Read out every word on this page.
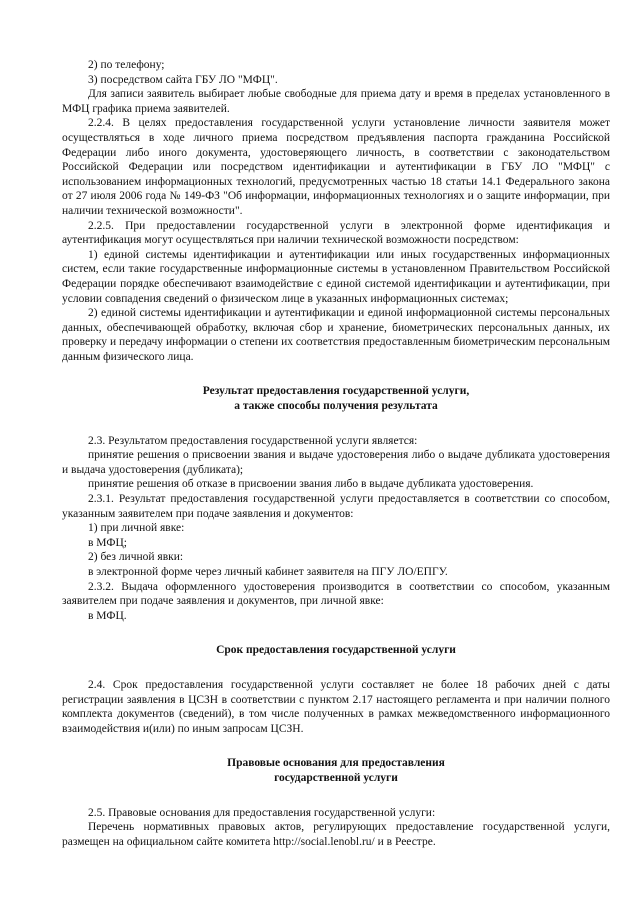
2) по телефону;

3) посредством сайта ГБУ ЛО "МФЦ".

Для записи заявитель выбирает любые свободные для приема дату и время в пределах установленного в МФЦ графика приема заявителей.

2.2.4. В целях предоставления государственной услуги установление личности заявителя может осуществляться в ходе личного приема посредством предъявления паспорта гражданина Российской Федерации либо иного документа, удостоверяющего личность, в соответствии с законодательством Российской Федерации или посредством идентификации и аутентификации в ГБУ ЛО "МФЦ" с использованием информационных технологий, предусмотренных частью 18 статьи 14.1 Федерального закона от 27 июля 2006 года № 149-ФЗ "Об информации, информационных технологиях и о защите информации, при наличии технической возможности".

2.2.5. При предоставлении государственной услуги в электронной форме идентификация и аутентификация могут осуществляться при наличии технической возможности посредством:

1) единой системы идентификации и аутентификации или иных государственных информационных систем, если такие государственные информационные системы в установленном Правительством Российской Федерации порядке обеспечивают взаимодействие с единой системой идентификации и аутентификации, при условии совпадения сведений о физическом лице в указанных информационных системах;

2) единой системы идентификации и аутентификации и единой информационной системы персональных данных, обеспечивающей обработку, включая сбор и хранение, биометрических персональных данных, их проверку и передачу информации о степени их соответствия предоставленным биометрическим персональным данным физического лица.

Результат предоставления государственной услуги,

а также способы получения результата

2.3. Результатом предоставления государственной услуги является:

принятие решения о присвоении звания и выдаче удостоверения либо о выдаче дубликата удостоверения и выдача удостоверения (дубликата);

принятие решения об отказе в присвоении звания либо в выдаче дубликата удостоверения.

2.3.1. Результат предоставления государственной услуги предоставляется в соответствии со способом, указанным заявителем при подаче заявления и документов:

1) при личной явке:

в МФЦ;

2) без личной явки:

в электронной форме через личный кабинет заявителя на ПГУ ЛО/ЕПГУ.

2.3.2. Выдача оформленного удостоверения производится в соответствии со способом, указанным заявителем при подаче заявления и документов, при личной явке:

в МФЦ.

Срок предоставления государственной услуги

2.4. Срок предоставления государственной услуги составляет не более 18 рабочих дней с даты регистрации заявления в ЦСЗН в соответствии с пунктом 2.17 настоящего регламента и при наличии полного комплекта документов (сведений), в том числе полученных в рамках межведомственного информационного взаимодействия и(или) по иным запросам ЦСЗН.

Правовые основания для предоставления

государственной услуги

2.5. Правовые основания для предоставления государственной услуги:

Перечень нормативных правовых актов, регулирующих предоставление государственной услуги, размещен на официальном сайте комитета http://social.lenobl.ru/ и в Реестре.
